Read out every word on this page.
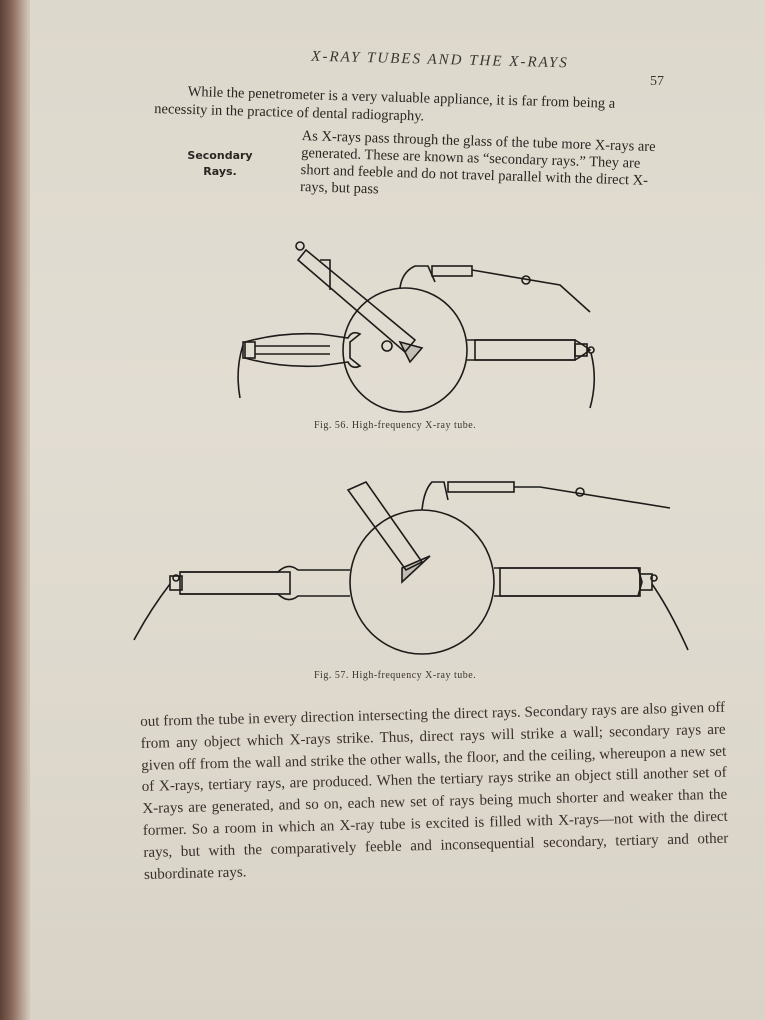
X-RAY TUBES AND THE X-RAYS
57

While the penetrometer is a very valuable appliance, it is far from being a necessity in the practice of dental radiography.

Secondary
Rays.

As X-rays pass through the glass of the tube more X-rays are generated. These are known as “secondary rays.” They are short and feeble and do not travel parallel with the direct X-rays, but pass

Fig. 56. High-frequency X-ray tube.
Fig. 57. High-frequency X-ray tube.

out from the tube in every direction intersecting the direct rays. Secondary rays are also given off from any object which X-rays strike. Thus, direct rays will strike a wall; secondary rays are given off from the wall and strike the other walls, the floor, and the ceiling, whereupon a new set of X-rays, tertiary rays, are produced. When the tertiary rays strike an object still another set of X-rays are generated, and so on, each new set of rays being much shorter and weaker than the former. So a room in which an X-ray tube is excited is filled with X-rays—not with the direct rays, but with the comparatively feeble and inconsequential secondary, tertiary and other subordinate rays.
